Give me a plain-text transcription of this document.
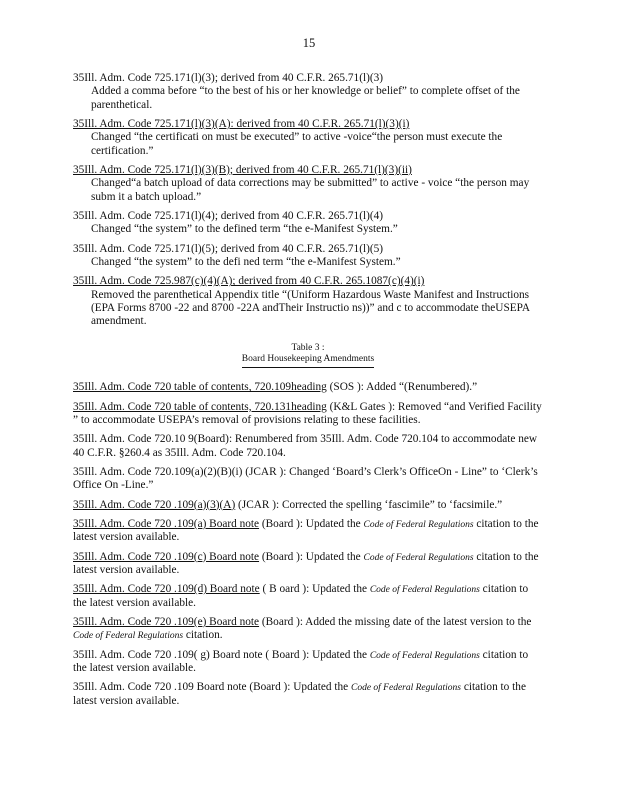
15
35Ill. Adm. Code 725.171(l)(3); derived from 40 C.F.R. 265.71(l)(3)
Added a comma before “to the best of his or her knowledge or belief” to complete offset of the parenthetical.
35Ill. Adm. Code 725.171(l)(3)(A): derived from 40 C.F.R. 265.71(l)(3)(i)
Changed “the certificati on must be executed” to active -voice“the person must execute the certification.”
35Ill. Adm. Code 725.171(l)(3)(B); derived from 40 C.F.R. 265.71(l)(3)(ii)
Changed“a batch upload of data corrections may be submitted” to active - voice “the person may subm it a batch upload.”
35Ill. Adm. Code 725.171(l)(4); derived from 40 C.F.R. 265.71(l)(4)
Changed “the system” to the defined term “the e-Manifest System.”
35Ill. Adm. Code 725.171(l)(5); derived from 40 C.F.R. 265.71(l)(5)
Changed “the system” to the defi ned term “the e-Manifest System.”
35Ill. Adm. Code 725.987(c)(4)(A); derived from 40 C.F.R. 265.1087(c)(4)(i)
Removed the parenthetical Appendix title “(Uniform Hazardous Waste Manifest and Instructions (EPA Forms 8700 -22 and 8700 -22A andTheir Instructio ns))” and c to accommodate theUSEPA amendment.
Table 3 :
Board Housekeeping Amendments
35Ill. Adm. Code 720 table of contents, 720.109heading (SOS ): Added “(Renumbered).”
35Ill. Adm. Code 720 table of contents, 720.131heading (K&L Gates ): Removed “and Verified Facility ” to accommodate USEPA’s removal of provisions relating to these facilities.
35Ill. Adm. Code 720.10 9(Board): Renumbered from 35Ill. Adm. Code 720.104 to accommodate new 40 C.F.R. §260.4 as 35Ill. Adm. Code 720.104.
35Ill. Adm. Code 720.109(a)(2)(B)(i) (JCAR ): Changed ‘Board’s Clerk’s OfficeOn - Line” to ‘Clerk’s Office On -Line.”
35Ill. Adm. Code 720 .109(a)(3)(A) (JCAR ): Corrected the spelling ‘fascimile” to ‘facsimile.”
35Ill. Adm. Code 720 .109(a) Board note (Board ): Updated the Code of Federal Regulations citation to the latest version available.
35Ill. Adm. Code 720 .109(c) Board note (Board ): Updated the Code of Federal Regulations citation to the latest version available.
35Ill. Adm. Code 720 .109(d) Board note ( B oard ): Updated the Code of Federal Regulations citation to the latest version available.
35Ill. Adm. Code 720 .109(e) Board note (Board ): Added the missing date of the latest version to the Code of Federal Regulations citation.
35Ill. Adm. Code 720 .109( g) Board note ( Board ): Updated the Code of Federal Regulations citation to the latest version available.
35Ill. Adm. Code 720 .109 Board note (Board ): Updated the Code of Federal Regulations citation to the latest version available.
